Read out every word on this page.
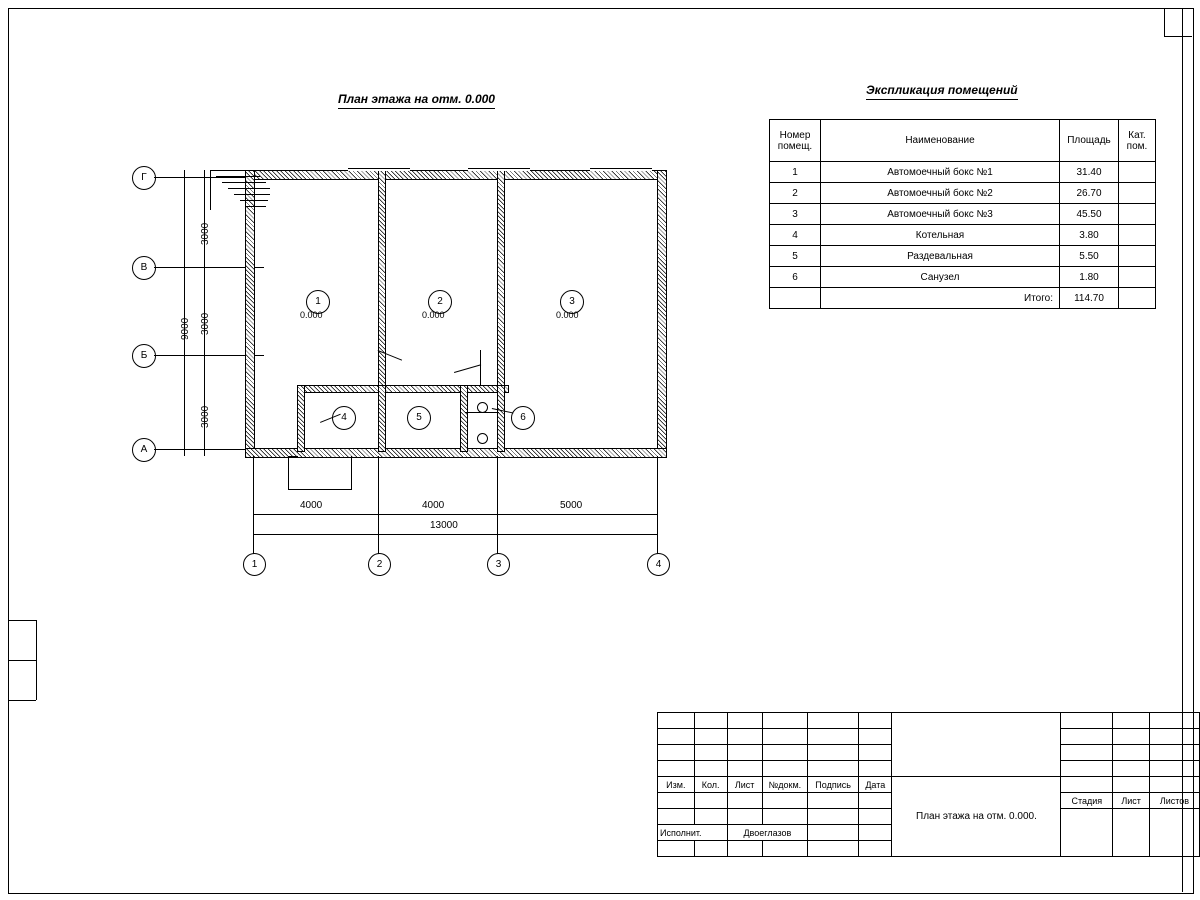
План этажа на отм. 0.000
Экспликация помещений
Номер
помещ.	Наименование	Площадь	Кат.
пом.

1	Автомоечный бокс №1	31.40	
2	Автомоечный бокс №2	26.70	
3	Автомоечный бокс №3	45.50	
4	Котельная	3.80	
5	Раздевальная	5.50	
6	Санузел	1.80	
	Итого:	114.70	
Г
В
Б
А
3000
3000
3000
9000
1	2	3
4	5	6
0.000	0.000	0.000
4000	4000	5000
13000
1	2	3	4

Изм.	Кол.	Лист	№докм.	Подпись	Дата	План этажа на отм. 0.000.			
							Стадия	Лист	Листов

Исполнит.		Двоеглазов							
